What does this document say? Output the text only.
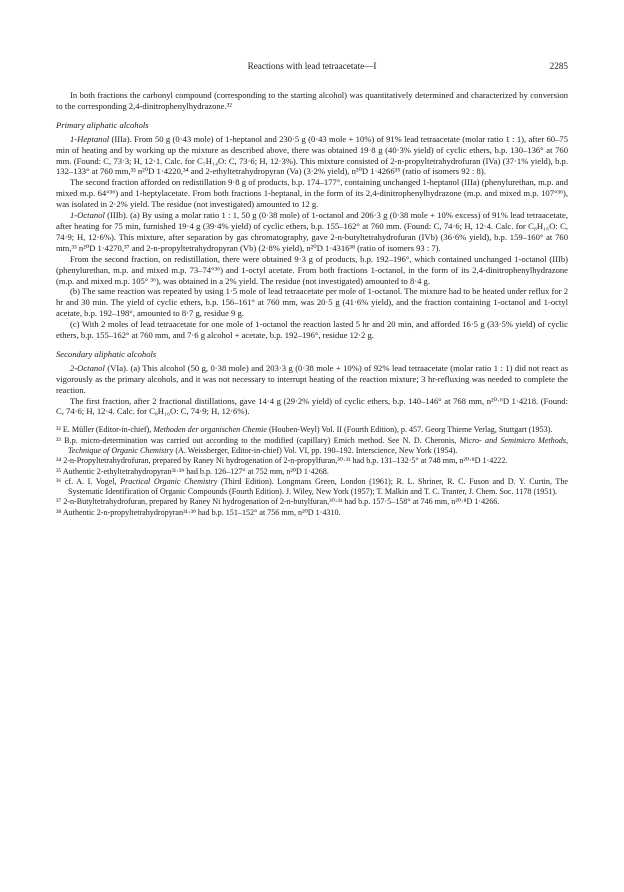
Reactions with lead tetraacetate—I	2285

In both fractions the carbonyl compound (corresponding to the starting alcohol) was quantitatively determined and characterized by conversion to the corresponding 2,4-dinitrophenylhydrazone.³²

Primary aliphatic alcohols

1-Heptanol (IIIa). From 50 g (0·43 mole) of 1-heptanol and 230·5 g (0·43 mole + 10%) of 91% lead tetraacetate (molar ratio 1 : 1), after 60–75 min of heating and by working up the mixture as described above, there was obtained 19·8 g (40·3% yield) of cyclic ethers, b.p. 130–136° at 760 mm. (Found: C, 73·3; H, 12·1. Calc. for C₇H₁₄O: C, 73·6; H, 12·3%). This mixture consisted of 2-n-propyltetrahydrofuran (IVa) (37·1% yield), b.p. 132–133° at 760 mm,³³ n²⁰D 1·4220,³⁴ and 2-ethyltetrahydropyran (Va) (3·2% yield), n²⁰D 1·4266³⁵ (ratio of isomers 92 : 8).

The second fraction afforded on redistillation 9·8 g of products, b.p. 174–177°, containing unchanged 1-heptanol (IIIa) (phenylurethan, m.p. and mixed m.p. 64°³⁶) and 1-heptylacetate. From both fractions 1-heptanal, in the form of its 2,4-dinitrophenylhydrazone (m.p. and mixed m.p. 107°³⁶), was isolated in 2·2% yield. The residue (not investigated) amounted to 12 g.

1-Octanol (IIIb). (a) By using a molar ratio 1 : 1, 50 g (0·38 mole) of 1-octanol and 206·3 g (0·38 mole + 10% excess) of 91% lead tetraacetate, after heating for 75 min, furnished 19·4 g (39·4% yield) of cyclic ethers, b.p. 155–162° at 760 mm. (Found: C, 74·6; H, 12·4. Calc. for C₈H₁₆O: C, 74·9; H, 12·6%). This mixture, after separation by gas chromatography, gave 2-n-butyltetrahydrofuran (IVb) (36·6% yield), b.p. 159–160° at 760 mm,³³ n²⁰D 1·4270,³⁷ and 2-n-propyltetrahydropyran (Vb) (2·8% yield), n²⁰D 1·4316³⁸ (ratio of isomers 93 : 7).

From the second fraction, on redistillation, there were obtained 9·3 g of products, b.p. 192–196°, which contained unchanged 1-octanol (IIIb) (phenylurethan, m.p. and mixed m.p. 73–74°³⁶) and 1-octyl acetate. From both fractions 1-octanol, in the form of its 2,4-dinitrophenylhydrazone (m.p. and mixed m.p. 105° ³⁶), was obtained in a 2% yield. The residue (not investigated) amounted to 8·4 g.

(b) The same reaction was repeated by using 1·5 mole of lead tetraacetate per mole of 1-octanol. The mixture had to be heated under reflux for 2 hr and 30 min. The yield of cyclic ethers, b.p. 156–161° at 760 mm, was 20·5 g (41·6% yield), and the fraction containing 1-octanol and 1-octyl acetate, b.p. 192–198°, amounted to 8·7 g, residue 9 g.

(c) With 2 moles of lead tetraacetate for one mole of 1-octanol the reaction lasted 5 hr and 20 min, and afforded 16·5 g (33·5% yield) of cyclic ethers, b.p. 155–162° at 760 mm, and 7·6 g alcohol + acetate, b.p. 192–196°, residue 12·2 g.

Secondary aliphatic alcohols

2-Octanol (VIa). (a) This alcohol (50 g, 0·38 mole) and 203·3 g (0·38 mole + 10%) of 92% lead tetraacetate (molar ratio 1 : 1) did not react as vigorously as the primary alcohols, and it was not necessary to interrupt heating of the reaction mixture; 3 hr-refluxing was needed to complete the reaction.

The first fraction, after 2 fractional distillations, gave 14·4 g (29·2% yield) of cyclic ethers, b.p. 140–146° at 768 mm, n²⁰·⁶D 1·4218. (Found: C, 74·6; H, 12·4. Calc. for C₈H₁₆O: C, 74·9; H, 12·6%).

³² E. Müller (Editor-in-chief), Methoden der organischen Chemie (Houben-Weyl) Vol. II (Fourth Edition), p. 457. Georg Thieme Verlag, Stuttgart (1953).

³³ B.p. micro-determination was carried out according to the modified (capillary) Emich method. See N. D. Cheronis, Micro- and Semimicro Methods, Technique of Organic Chemistry (A. Weissberger, Editor-in-chief) Vol. VI, pp. 190–192. Interscience, New York (1954).

³⁴ 2-n-Propyltetrahydrofuran, prepared by Raney Ni hydrogenation of 2-n-propylfuran,³⁰·³¹ had b.p. 131–132·5° at 748 mm, n²⁰·⁸D 1·4222.

³⁵ Authentic 2-ethyltetrahydropyran³¹·³⁹ had b.p. 126–127° at 752 mm, n²⁰D 1·4268.

³⁶ cf. A. I. Vogel, Practical Organic Chemistry (Third Edition). Longmans Green, London (1961); R. L. Shriner, R. C. Fuson and D. Y. Curtin, The Systematic Identification of Organic Compounds (Fourth Edition). J. Wiley, New York (1957); T. Malkin and T. C. Tranter, J. Chem. Soc. 1178 (1951).

³⁷ 2-n-Butyltetrahydrofuran, prepared by Raney Ni hydrogenation of 2-n-butylfuran,³⁰·³¹ had b.p. 157·5–158° at 746 mm, n²⁰·⁸D 1·4266.

³⁸ Authentic 2-n-propyltetrahydropyran³¹·³⁹ had b.p. 151–152° at 756 mm, n²⁰D 1·4310.
